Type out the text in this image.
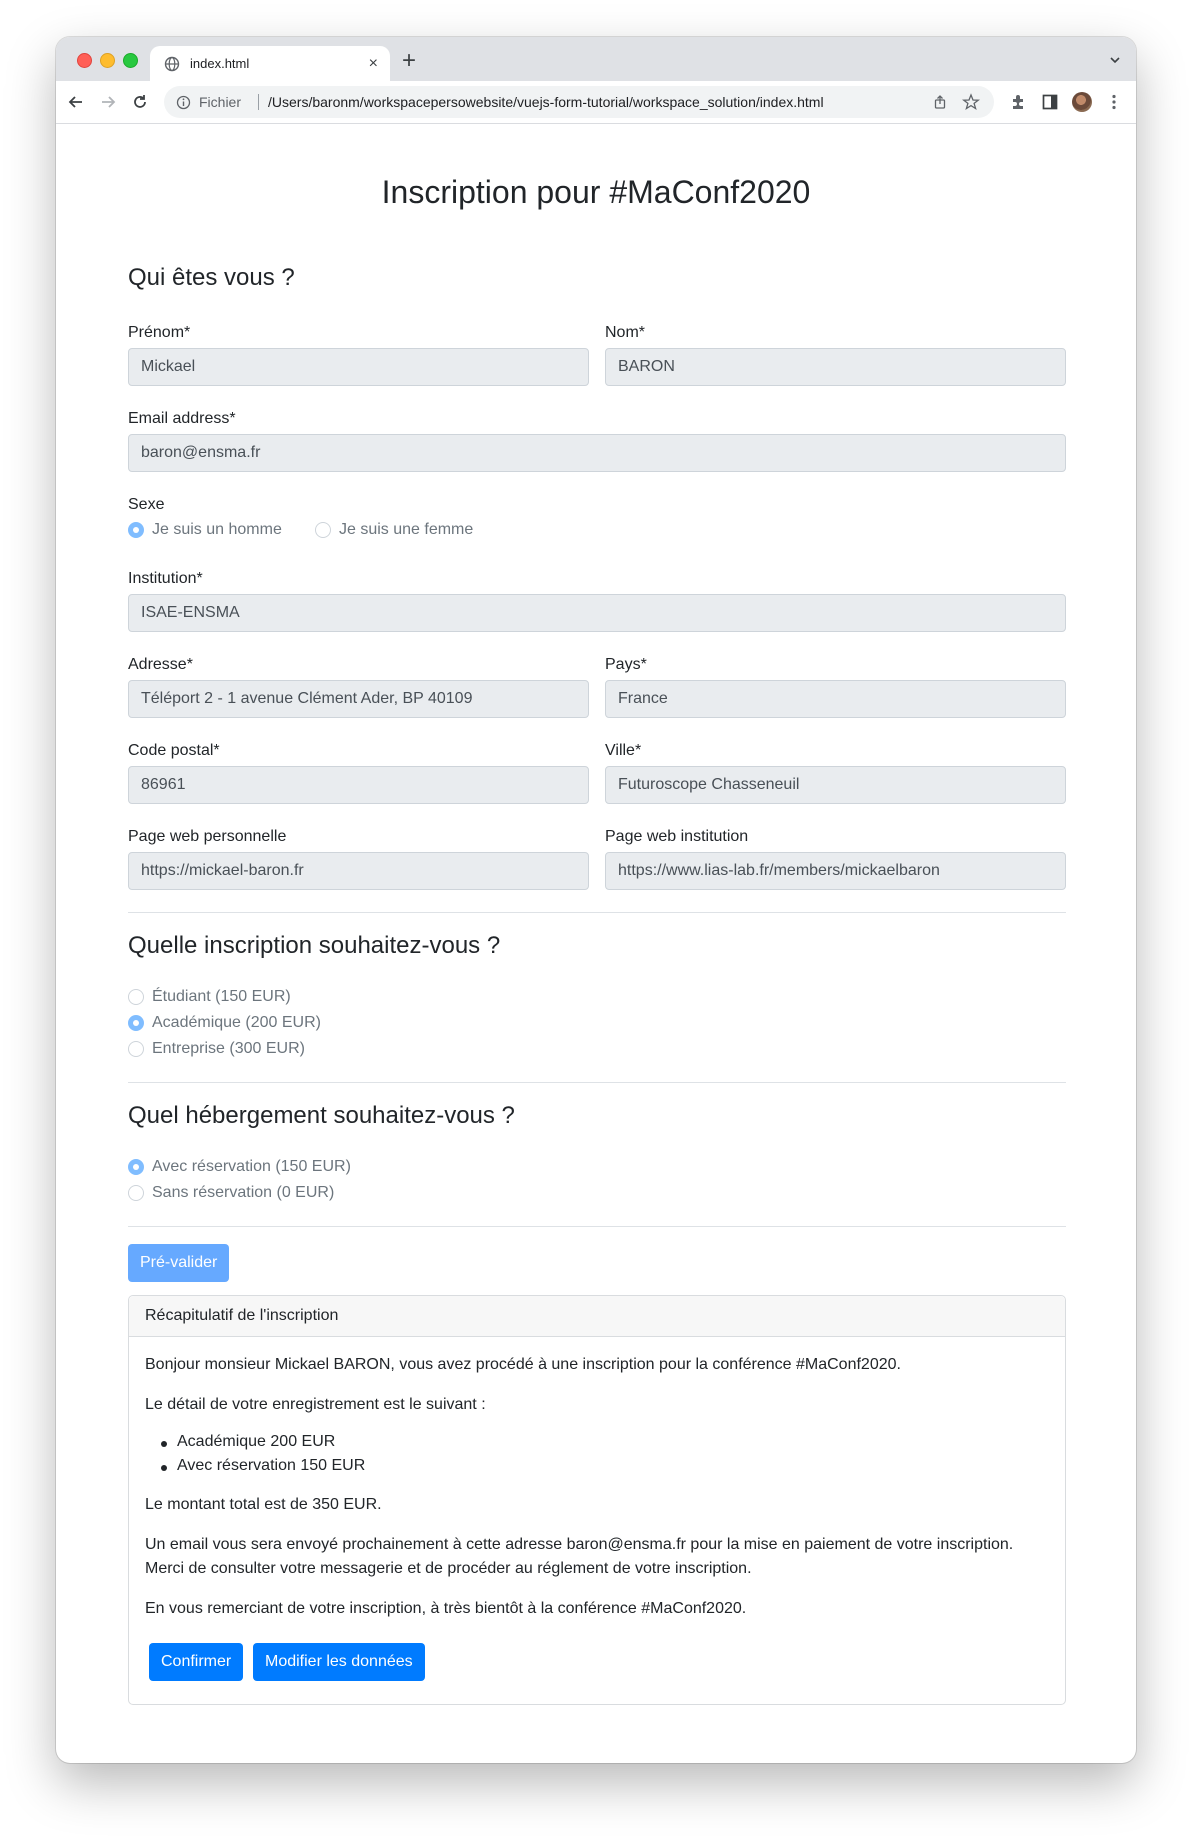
index.html	× +
Fichier /Users/baronm/workspacepersowebsite/vuejs-form-tutorial/workspace_solution/index.html
Inscription pour #MaConf2020
Qui êtes vous ?
Prénom*	Nom*
Mickael	BARON
Email address*
baron@ensma.fr
Sexe
Je suis un homme	Je suis une femme
Institution*
ISAE-ENSMA
Adresse*	Pays*
Téléport 2 - 1 avenue Clément Ader, BP 40109	France
Code postal*	Ville*
86961	Futuroscope Chasseneuil
Page web personnelle	Page web institution
https://mickael-baron.fr	https://www.lias-lab.fr/members/mickaelbaron
Quelle inscription souhaitez-vous ?
Étudiant (150 EUR)
Académique (200 EUR)
Entreprise (300 EUR)
Quel hébergement souhaitez-vous ?
Avec réservation (150 EUR)
Sans réservation (0 EUR)
Pré-valider
Récapitulatif de l'inscription
Bonjour monsieur Mickael BARON, vous avez procédé à une inscription pour la conférence #MaConf2020.
Le détail de votre enregistrement est le suivant :
Académique 200 EUR
Avec réservation 150 EUR
Le montant total est de 350 EUR.
Un email vous sera envoyé prochainement à cette adresse baron@ensma.fr pour la mise en paiement de votre inscription.
Merci de consulter votre messagerie et de procéder au réglement de votre inscription.
En vous remerciant de votre inscription, à très bientôt à la conférence #MaConf2020.
Confirmer	Modifier les données
